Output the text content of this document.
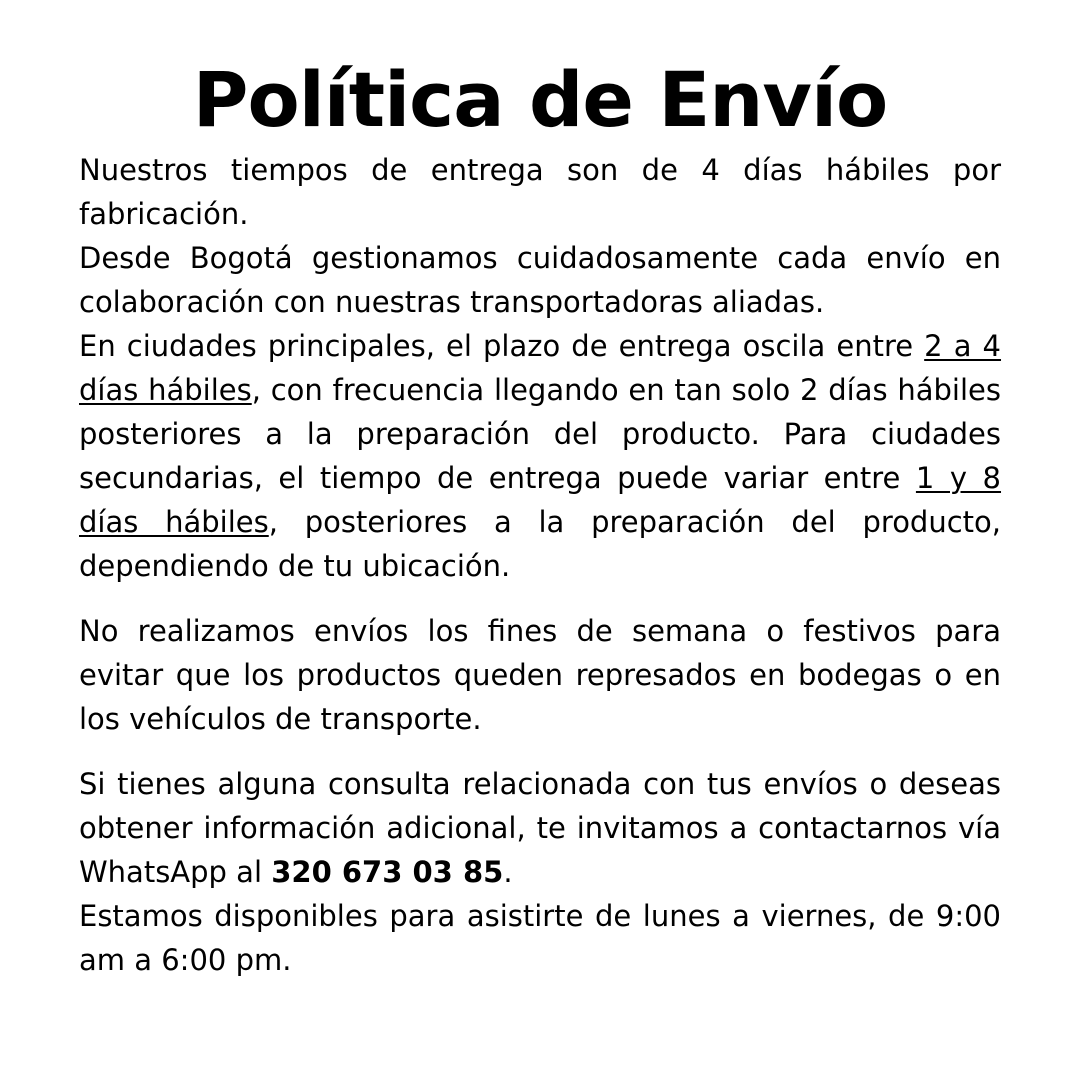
Política de Envío

Nuestros tiempos de entrega son de 4 días hábiles por fabricación.

Desde Bogotá gestionamos cuidadosamente cada envío en colaboración con nuestras transportadoras aliadas.

En ciudades principales, el plazo de entrega oscila entre 2 a 4 días hábiles, con frecuencia llegando en tan solo 2 días hábiles posteriores a la preparación del producto. Para ciudades secundarias, el tiempo de entrega puede variar entre 1 y 8 días hábiles, posteriores a la preparación del producto, dependiendo de tu ubicación.

No realizamos envíos los fines de semana o festivos para evitar que los productos queden represados en bodegas o en los vehículos de transporte.

Si tienes alguna consulta relacionada con tus envíos o deseas obtener información adicional, te invitamos a contactarnos vía WhatsApp al 320 673 03 85.

Estamos disponibles para asistirte de lunes a viernes, de 9:00 am a 6:00 pm.
